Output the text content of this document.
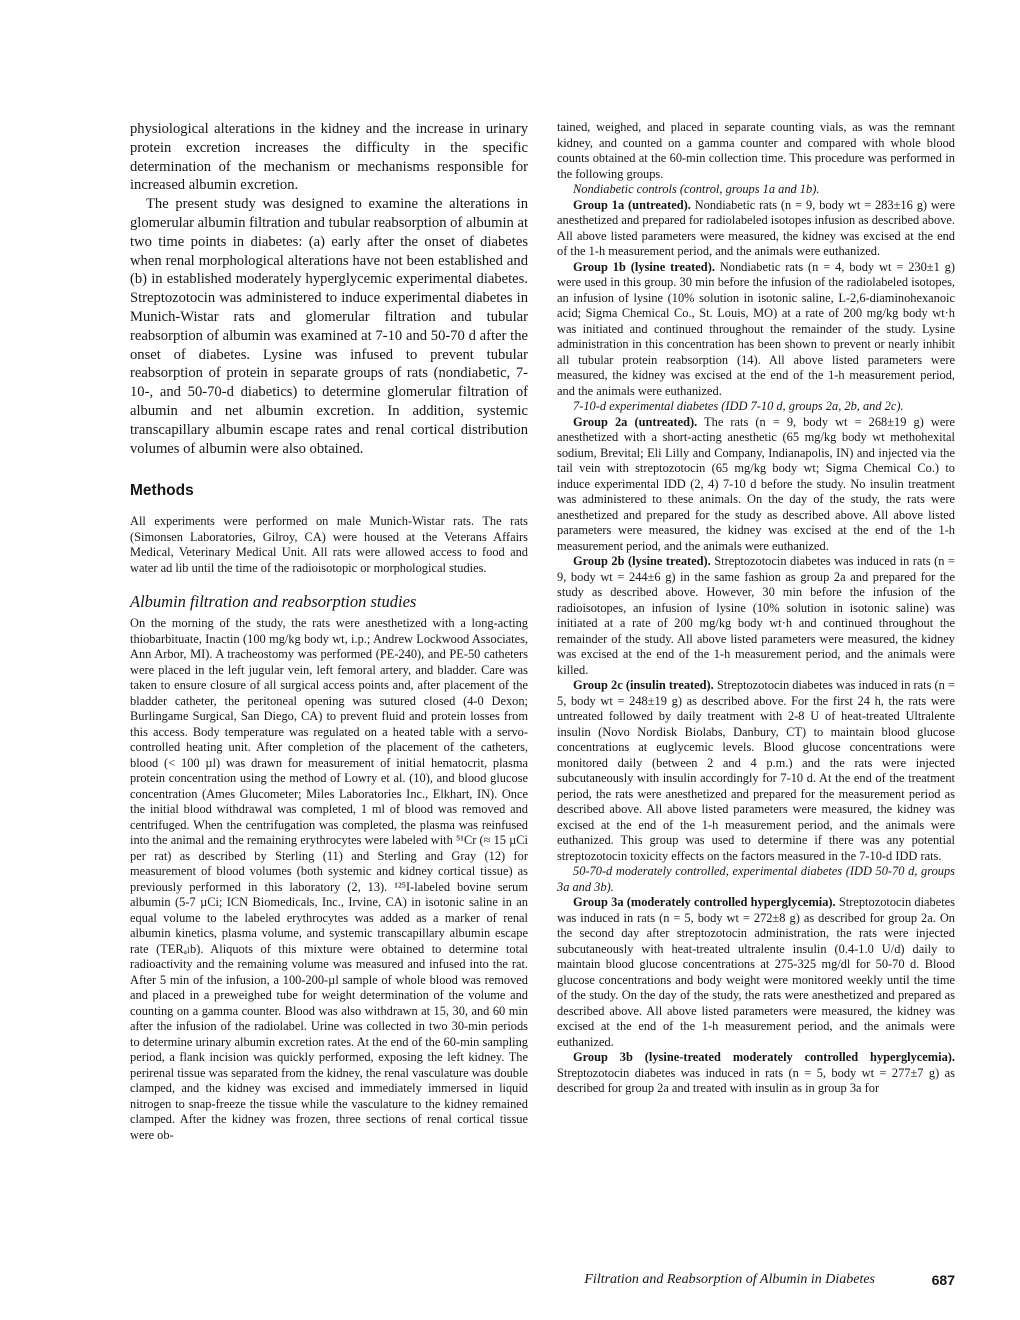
physiological alterations in the kidney and the increase in urinary protein excretion increases the difficulty in the specific determination of the mechanism or mechanisms responsible for increased albumin excretion.

The present study was designed to examine the alterations in glomerular albumin filtration and tubular reabsorption of albumin at two time points in diabetes: (a) early after the onset of diabetes when renal morphological alterations have not been established and (b) in established moderately hyperglycemic experimental diabetes. Streptozotocin was administered to induce experimental diabetes in Munich-Wistar rats and glomerular filtration and tubular reabsorption of albumin was examined at 7-10 and 50-70 d after the onset of diabetes. Lysine was infused to prevent tubular reabsorption of protein in separate groups of rats (nondiabetic, 7-10-, and 50-70-d diabetics) to determine glomerular filtration of albumin and net albumin excretion. In addition, systemic transcapillary albumin escape rates and renal cortical distribution volumes of albumin were also obtained.

Methods

All experiments were performed on male Munich-Wistar rats. The rats (Simonsen Laboratories, Gilroy, CA) were housed at the Veterans Affairs Medical, Veterinary Medical Unit. All rats were allowed access to food and water ad lib until the time of the radioisotopic or morphological studies.

Albumin filtration and reabsorption studies

On the morning of the study, the rats were anesthetized with a long-acting thiobarbituate, Inactin (100 mg/kg body wt, i.p.; Andrew Lockwood Associates, Ann Arbor, MI). A tracheostomy was performed (PE-240), and PE-50 catheters were placed in the left jugular vein, left femoral artery, and bladder. Care was taken to ensure closure of all surgical access points and, after placement of the bladder catheter, the peritoneal opening was sutured closed (4-0 Dexon; Burlingame Surgical, San Diego, CA) to prevent fluid and protein losses from this access. Body temperature was regulated on a heated table with a servo-controlled heating unit. After completion of the placement of the catheters, blood (< 100 µl) was drawn for measurement of initial hematocrit, plasma protein concentration using the method of Lowry et al. (10), and blood glucose concentration (Ames Glucometer; Miles Laboratories Inc., Elkhart, IN). Once the initial blood withdrawal was completed, 1 ml of blood was removed and centrifuged. When the centrifugation was completed, the plasma was reinfused into the animal and the remaining erythrocytes were labeled with ⁵¹Cr (≈ 15 µCi per rat) as described by Sterling (11) and Sterling and Gray (12) for measurement of blood volumes (both systemic and kidney cortical tissue) as previously performed in this laboratory (2, 13). ¹²⁵I-labeled bovine serum albumin (5-7 µCi; ICN Biomedicals, Inc., Irvine, CA) in isotonic saline in an equal volume to the labeled erythrocytes was added as a marker of renal albumin kinetics, plasma volume, and systemic transcapillary albumin escape rate (TERₐₗb). Aliquots of this mixture were obtained to determine total radioactivity and the remaining volume was measured and infused into the rat. After 5 min of the infusion, a 100-200-µl sample of whole blood was removed and placed in a preweighed tube for weight determination of the volume and counting on a gamma counter. Blood was also withdrawn at 15, 30, and 60 min after the infusion of the radiolabel. Urine was collected in two 30-min periods to determine urinary albumin excretion rates. At the end of the 60-min sampling period, a flank incision was quickly performed, exposing the left kidney. The perirenal tissue was separated from the kidney, the renal vasculature was double clamped, and the kidney was excised and immediately immersed in liquid nitrogen to snap-freeze the tissue while the vasculature to the kidney remained clamped. After the kidney was frozen, three sections of renal cortical tissue were ob-

tained, weighed, and placed in separate counting vials, as was the remnant kidney, and counted on a gamma counter and compared with whole blood counts obtained at the 60-min collection time. This procedure was performed in the following groups.

Nondiabetic controls (control, groups 1a and 1b).

Group 1a (untreated). Nondiabetic rats (n = 9, body wt = 283±16 g) were anesthetized and prepared for radiolabeled isotopes infusion as described above. All above listed parameters were measured, the kidney was excised at the end of the 1-h measurement period, and the animals were euthanized.

Group 1b (lysine treated). Nondiabetic rats (n = 4, body wt = 230±1 g) were used in this group. 30 min before the infusion of the radiolabeled isotopes, an infusion of lysine (10% solution in isotonic saline, L-2,6-diaminohexanoic acid; Sigma Chemical Co., St. Louis, MO) at a rate of 200 mg/kg body wt·h was initiated and continued throughout the remainder of the study. Lysine administration in this concentration has been shown to prevent or nearly inhibit all tubular protein reabsorption (14). All above listed parameters were measured, the kidney was excised at the end of the 1-h measurement period, and the animals were euthanized.

7-10-d experimental diabetes (IDD 7-10 d, groups 2a, 2b, and 2c).

Group 2a (untreated). The rats (n = 9, body wt = 268±19 g) were anesthetized with a short-acting anesthetic (65 mg/kg body wt methohexital sodium, Brevital; Eli Lilly and Company, Indianapolis, IN) and injected via the tail vein with streptozotocin (65 mg/kg body wt; Sigma Chemical Co.) to induce experimental IDD (2, 4) 7-10 d before the study. No insulin treatment was administered to these animals. On the day of the study, the rats were anesthetized and prepared for the study as described above. All above listed parameters were measured, the kidney was excised at the end of the 1-h measurement period, and the animals were euthanized.

Group 2b (lysine treated). Streptozotocin diabetes was induced in rats (n = 9, body wt = 244±6 g) in the same fashion as group 2a and prepared for the study as described above. However, 30 min before the infusion of the radioisotopes, an infusion of lysine (10% solution in isotonic saline) was initiated at a rate of 200 mg/kg body wt·h and continued throughout the remainder of the study. All above listed parameters were measured, the kidney was excised at the end of the 1-h measurement period, and the animals were killed.

Group 2c (insulin treated). Streptozotocin diabetes was induced in rats (n = 5, body wt = 248±19 g) as described above. For the first 24 h, the rats were untreated followed by daily treatment with 2-8 U of heat-treated Ultralente insulin (Novo Nordisk Biolabs, Danbury, CT) to maintain blood glucose concentrations at euglycemic levels. Blood glucose concentrations were monitored daily (between 2 and 4 p.m.) and the rats were injected subcutaneously with insulin accordingly for 7-10 d. At the end of the treatment period, the rats were anesthetized and prepared for the measurement period as described above. All above listed parameters were measured, the kidney was excised at the end of the 1-h measurement period, and the animals were euthanized. This group was used to determine if there was any potential streptozotocin toxicity effects on the factors measured in the 7-10-d IDD rats.

50-70-d moderately controlled, experimental diabetes (IDD 50-70 d, groups 3a and 3b).

Group 3a (moderately controlled hyperglycemia). Streptozotocin diabetes was induced in rats (n = 5, body wt = 272±8 g) as described for group 2a. On the second day after streptozotocin administration, the rats were injected subcutaneously with heat-treated ultralente insulin (0.4-1.0 U/d) daily to maintain blood glucose concentrations at 275-325 mg/dl for 50-70 d. Blood glucose concentrations and body weight were monitored weekly until the time of the study. On the day of the study, the rats were anesthetized and prepared as described above. All above listed parameters were measured, the kidney was excised at the end of the 1-h measurement period, and the animals were euthanized.

Group 3b (lysine-treated moderately controlled hyperglycemia). Streptozotocin diabetes was induced in rats (n = 5, body wt = 277±7 g) as described for group 2a and treated with insulin as in group 3a for

Filtration and Reabsorption of Albumin in Diabetes	687
